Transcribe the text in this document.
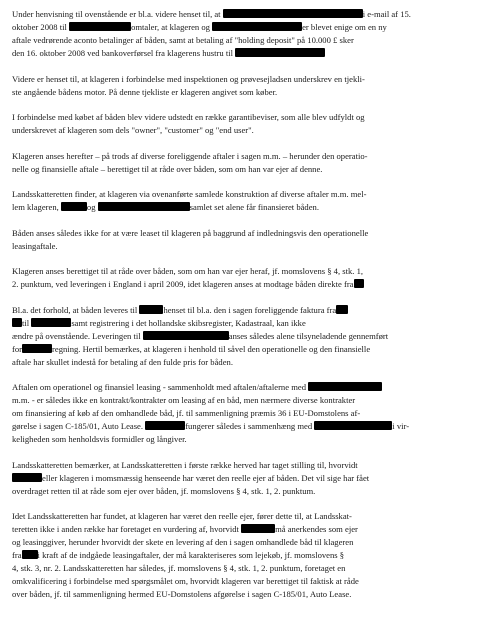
Under henvisning til ovenstående er bl.a. videre henset til, at	i e-mail af 15.
oktober 2008 til	omtaler, at klageren og	er blevet enige om en ny
aftale vedrørende aconto betalinger af båden, samt at betaling af "holding deposit" på 10.000 £ sker
den 16. oktober 2008 ved bankoverførsel fra klagerens hustru til

Videre er henset til, at klageren i forbindelse med inspektionen og prøvesejladsen underskrev en tjekli-
ste angående bådens motor. På denne tjekliste er klageren angivet som køber.

I forbindelse med købet af båden blev videre udstedt en række garantibeviser, som alle blev udfyldt og
underskrevet af klageren som dels "owner", "customer" og "end user".

Klageren anses herefter – på trods af diverse foreliggende aftaler i sagen m.m. – herunder den operatio-
nelle og finansielle aftale – berettiget til at råde over båden, som om han var ejer af denne.

Landsskatteretten finder, at klageren via ovenanførte samlede konstruktion af diverse aftaler m.m. mel-
lem klageren,	og	samlet set alene får finansieret båden.

Båden anses således ikke for at være leaset til klageren på baggrund af indledningsvis den operationelle
leasingaftale.

Klageren anses berettiget til at råde over båden, som om han var ejer heraf, jf. momslovens § 4, stk. 1,
2. punktum, ved leveringen i England i april 2009, idet klageren anses at modtage båden direkte fra

Bl.a. det forhold, at båden leveres til	henset til bl.a. den i sagen foreliggende faktura fra
til	samt registrering i det hollandske skibsregister, Kadastraal, kan ikke
ændre på ovenstående. Leveringen til	anses således alene tilsyneladende gennemført
for	regning. Hertil bemærkes, at klageren i henhold til såvel den operationelle og den finansielle
aftale har skullet indestå for betaling af den fulde pris for båden.

Aftalen om operationel og finansiel leasing - sammenholdt med aftalen/aftalerne med
m.m. - er således ikke en kontrakt/kontrakter om leasing af en båd, men nærmere diverse kontrakter
om finansiering af køb af den omhandlede båd, jf. til sammenligning præmis 36 i EU-Domstolens af-
gørelse i sagen C-185/01, Auto Lease.	fungerer således i sammenhæng med	i vir-
keligheden som henholdsvis formidler og långiver.

Landsskatteretten bemærker, at Landsskatteretten i første række herved har taget stilling til, hvorvidt
eller klageren i momsmæssig henseende har været den reelle ejer af båden. Det vil sige har fået
overdraget retten til at råde som ejer over båden, jf. momslovens § 4, stk. 1, 2. punktum.

Idet Landsskatteretten har fundet, at klageren har været den reelle ejer, fører dette til, at Landsskat-
teretten ikke i anden række har foretaget en vurdering af, hvorvidt	må anerkendes som ejer
og leasinggiver, herunder hvorvidt der skete en levering af den i sagen omhandlede båd til klageren
fra i kraft af de indgåede leasingaftaler, der må karakteriseres som lejekøb, jf. momslovens §
4, stk. 3, nr. 2. Landsskatteretten har således, jf. momslovens § 4, stk. 1, 2. punktum, foretaget en
omkvalificering i forbindelse med spørgsmålet om, hvorvidt klageren var berettiget til faktisk at råde
over båden, jf. til sammenligning hermed EU-Domstolens afgørelse i sagen C-185/01, Auto Lease.
